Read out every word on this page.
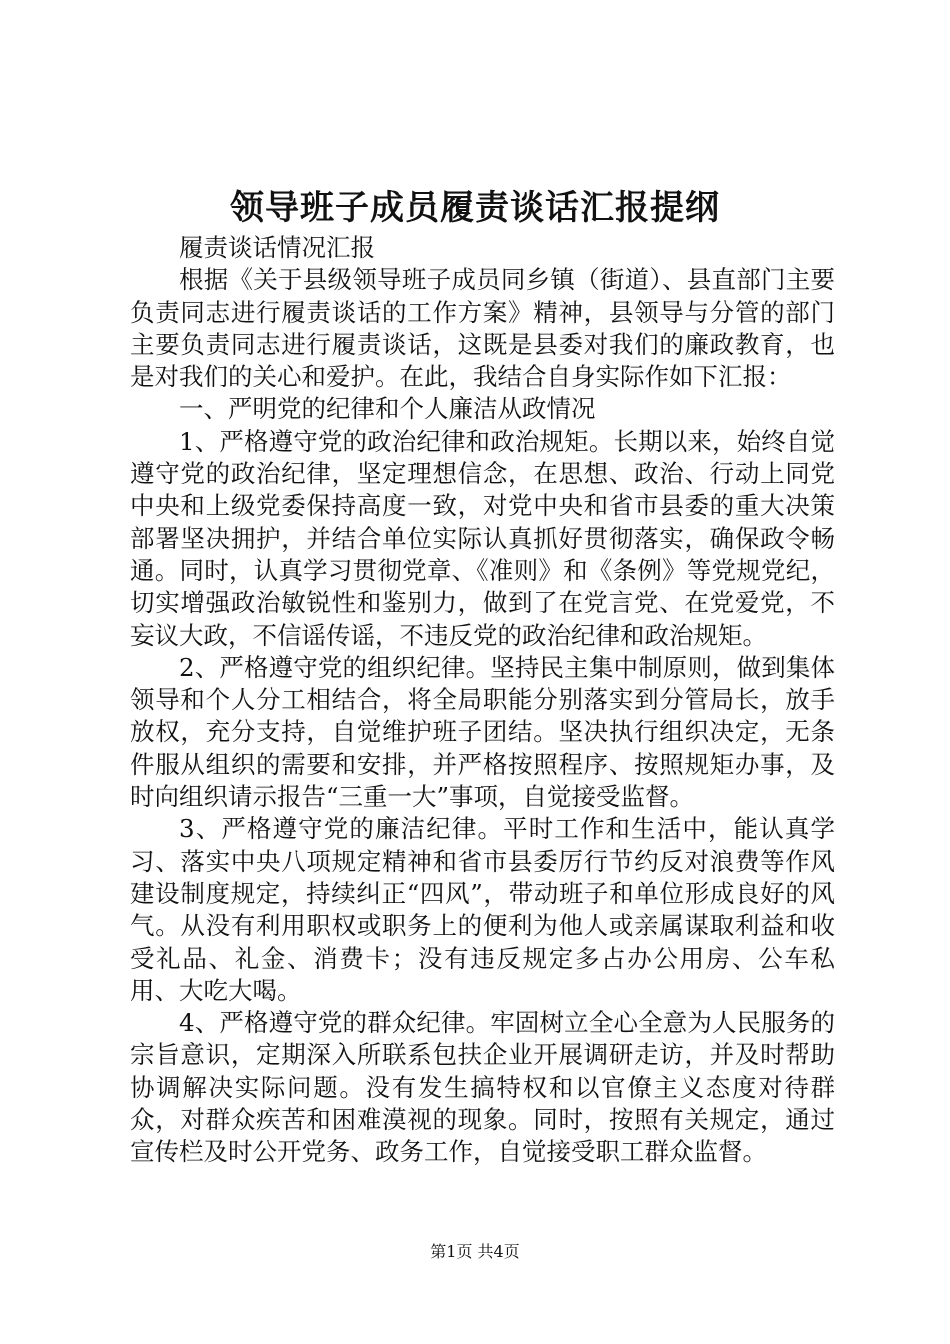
领导班子成员履责谈话汇报提纲

履责谈话情况汇报

根据《关于县级领导班子成员同乡镇（街道）、县直部门主要负责同志进行履责谈话的工作方案》精神，县领导与分管的部门主要负责同志进行履责谈话，这既是县委对我们的廉政教育，也是对我们的关心和爱护。在此，我结合自身实际作如下汇报：

一、严明党的纪律和个人廉洁从政情况

1、严格遵守党的政治纪律和政治规矩。长期以来，始终自觉遵守党的政治纪律，坚定理想信念，在思想、政治、行动上同党中央和上级党委保持高度一致，对党中央和省市县委的重大决策部署坚决拥护，并结合单位实际认真抓好贯彻落实，确保政令畅通。同时，认真学习贯彻党章、《准则》和《条例》等党规党纪，切实增强政治敏锐性和鉴别力，做到了在党言党、在党爱党，不妄议大政，不信谣传谣，不违反党的政治纪律和政治规矩。

2、严格遵守党的组织纪律。坚持民主集中制原则，做到集体领导和个人分工相结合，将全局职能分别落实到分管局长，放手放权，充分支持，自觉维护班子团结。坚决执行组织决定，无条件服从组织的需要和安排，并严格按照程序、按照规矩办事，及时向组织请示报告“三重一大”事项，自觉接受监督。

3、严格遵守党的廉洁纪律。平时工作和生活中，能认真学习、落实中央八项规定精神和省市县委厉行节约反对浪费等作风建设制度规定，持续纠正“四风”，带动班子和单位形成良好的风气。从没有利用职权或职务上的便利为他人或亲属谋取利益和收受礼品、礼金、消费卡；没有违反规定多占办公用房、公车私用、大吃大喝。

4、严格遵守党的群众纪律。牢固树立全心全意为人民服务的宗旨意识，定期深入所联系包扶企业开展调研走访，并及时帮助协调解决实际问题。没有发生搞特权和以官僚主义态度对待群众，对群众疾苦和困难漠视的现象。同时，按照有关规定，通过宣传栏及时公开党务、政务工作，自觉接受职工群众监督。

第1页 共4页
